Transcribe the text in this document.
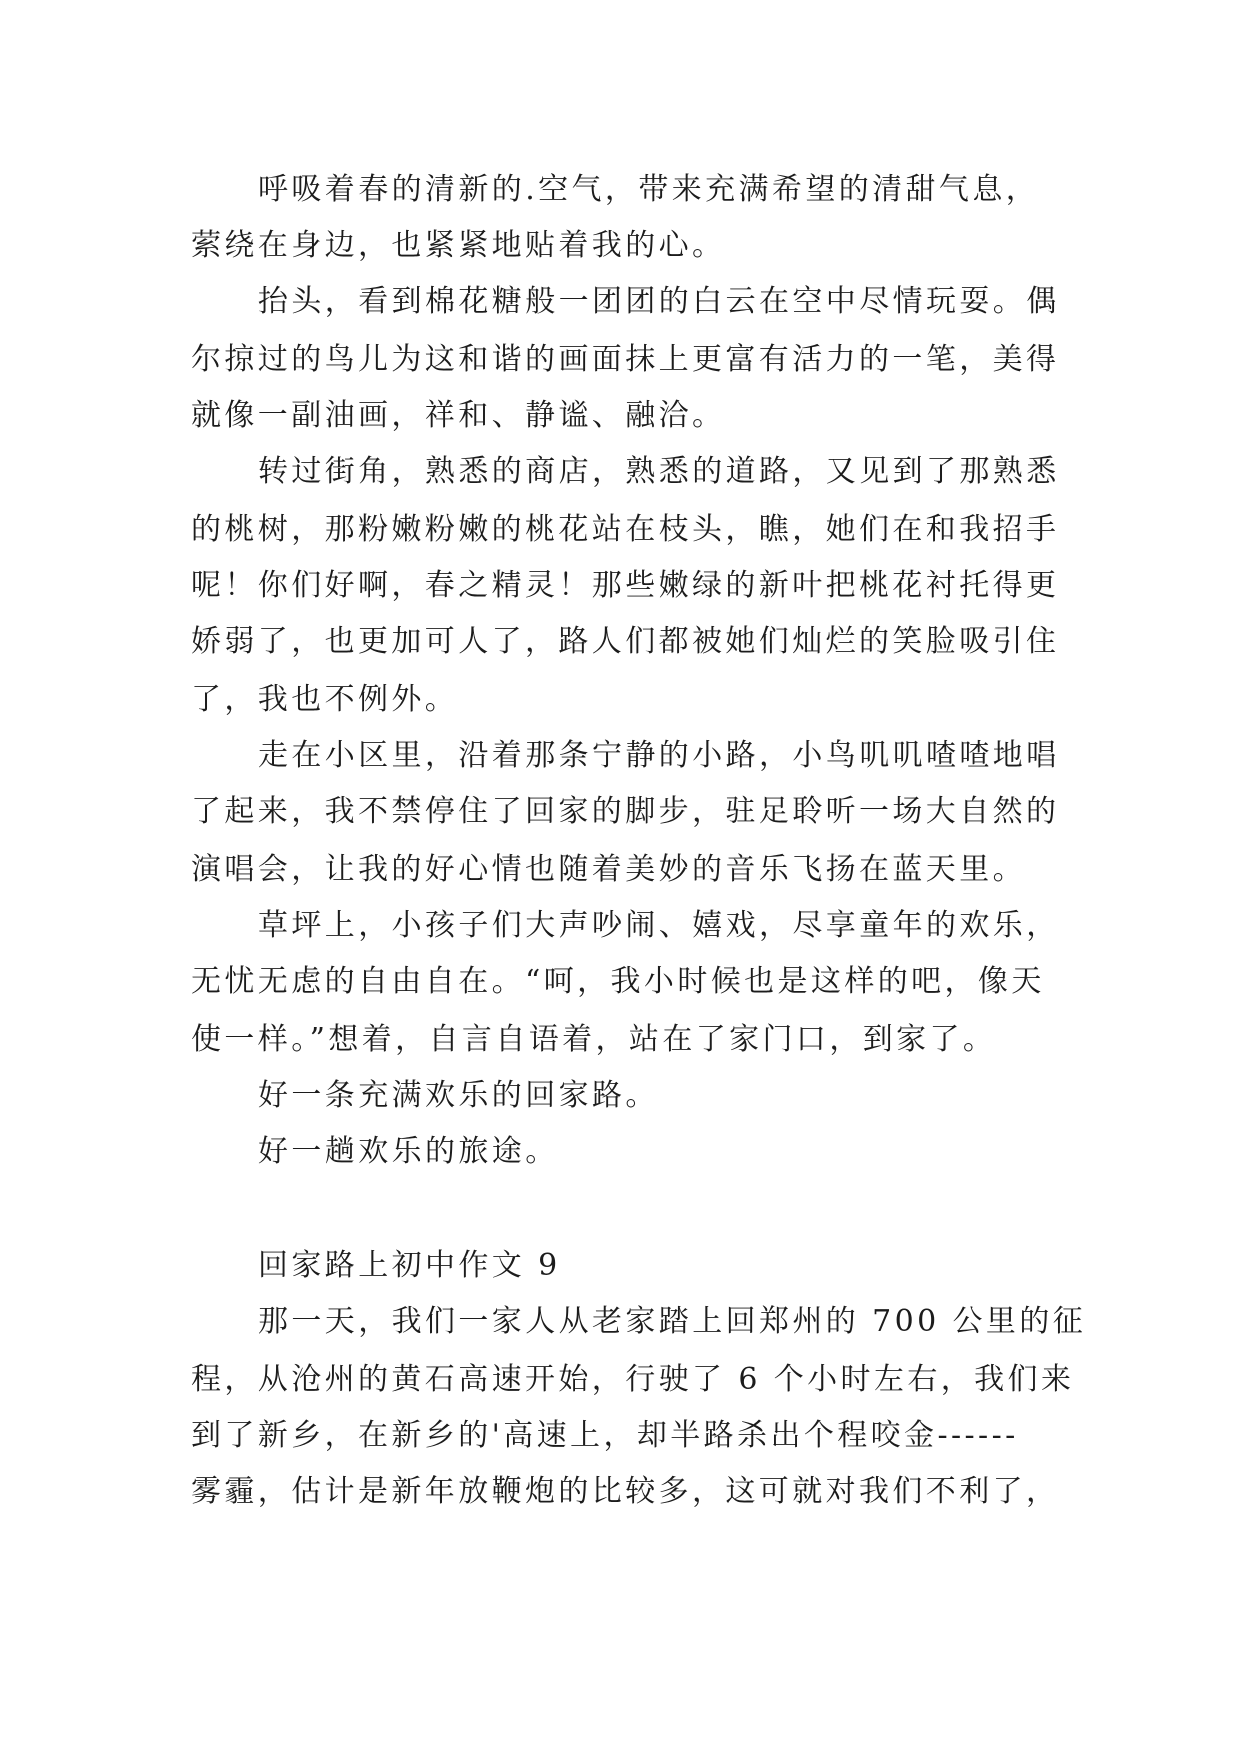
呼吸着春的清新的.空气，带来充满希望的清甜气息，
萦绕在身边，也紧紧地贴着我的心。
抬头，看到棉花糖般一团团的白云在空中尽情玩耍。偶
尔掠过的鸟儿为这和谐的画面抹上更富有活力的一笔，美得
就像一副油画，祥和、静谧、融洽。
转过街角，熟悉的商店，熟悉的道路，又见到了那熟悉
的桃树，那粉嫩粉嫩的桃花站在枝头，瞧，她们在和我招手
呢！你们好啊，春之精灵！那些嫩绿的新叶把桃花衬托得更
娇弱了，也更加可人了，路人们都被她们灿烂的笑脸吸引住
了，我也不例外。
走在小区里，沿着那条宁静的小路，小鸟叽叽喳喳地唱
了起来，我不禁停住了回家的脚步，驻足聆听一场大自然的
演唱会，让我的好心情也随着美妙的音乐飞扬在蓝天里。
草坪上，小孩子们大声吵闹、嬉戏，尽享童年的欢乐，
无忧无虑的自由自在。“呵，我小时候也是这样的吧，像天
使一样。”想着，自言自语着，站在了家门口，到家了。
好一条充满欢乐的回家路。
好一趟欢乐的旅途。
回家路上初中作文 9
那一天，我们一家人从老家踏上回郑州的 700 公里的征
程，从沧州的黄石高速开始，行驶了 6 个小时左右，我们来
到了新乡，在新乡的'高速上，却半路杀出个程咬金------
雾霾，估计是新年放鞭炮的比较多，这可就对我们不利了，
